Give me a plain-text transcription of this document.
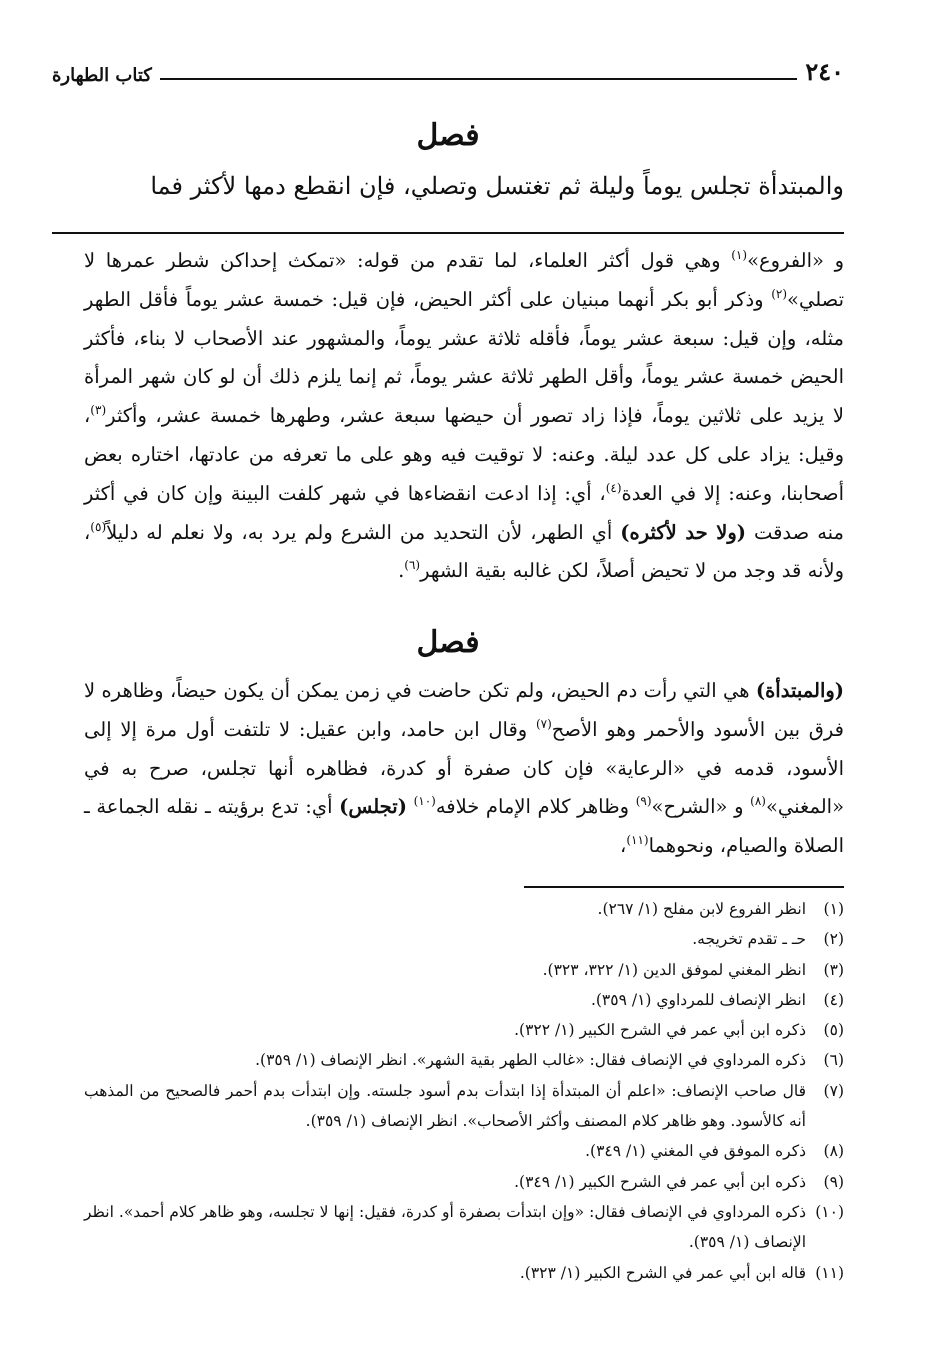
٢٤٠
كتاب الطهارة
فصل
والمبتدأة تجلس يوماً وليلة ثم تغتسل وتصلي، فإن انقطع دمها لأكثر فما
و «الفروع»$^{(١)}$ وهي قول أكثر العلماء، لما تقدم من قوله: «تمكث إحداكن شطر عمرها لا تصلي»$^{(٢)}$ وذكر أبو بكر أنهما مبنيان على أكثر الحيض، فإن قيل: خمسة عشر يوماً فأقل الطهر مثله، وإن قيل: سبعة عشر يوماً، فأقله ثلاثة عشر يوماً، والمشهور عند الأصحاب لا بناء، فأكثر الحيض خمسة عشر يوماً، وأقل الطهر ثلاثة عشر يوماً، ثم إنما يلزم ذلك أن لو كان شهر المرأة لا يزيد على ثلاثين يوماً، فإذا زاد تصور أن حيضها سبعة عشر، وطهرها خمسة عشر، وأكثر$^{(٣)}$، وقيل: يزاد على كل عدد ليلة. وعنه: لا توقيت فيه وهو على ما تعرفه من عادتها، اختاره بعض أصحابنا، وعنه: إلا في العدة$^{(٤)}$، أي: إذا ادعت انقضاءها في شهر كلفت البينة وإن كان في أكثر منه صدقت (ولا حد لأكثره) أي الطهر، لأن التحديد من الشرع ولم يرد به، ولا نعلم له دليلاً$^{(٥)}$، ولأنه قد وجد من لا تحيض أصلاً، لكن غالبه بقية الشهر$^{(٦)}$.
فصل
(والمبتدأة) هي التي رأت دم الحيض، ولم تكن حاضت في زمن يمكن أن يكون حيضاً، وظاهره لا فرق بين الأسود والأحمر وهو الأصح$^{(٧)}$ وقال ابن حامد، وابن عقيل: لا تلتفت أول مرة إلا إلى الأسود، قدمه في «الرعاية» فإن كان صفرة أو كدرة، فظاهره أنها تجلس، صرح به في «المغني»$^{(٨)}$ و «الشرح»$^{(٩)}$ وظاهر كلام الإمام خلافه$^{(١٠)}$ (تجلس) أي: تدع برؤيته ـ نقله الجماعة ـ الصلاة والصيام، ونحوهما$^{(١١)}$،
(١)
انظر الفروع لابن مفلح (١/ ٢٦٧).
(٢)
حـ ـ تقدم تخريجه.
(٣)
انظر المغني لموفق الدين (١/ ٣٢٢، ٣٢٣).
(٤)
انظر الإنصاف للمرداوي (١/ ٣٥٩).
(٥)
ذكره ابن أبي عمر في الشرح الكبير (١/ ٣٢٢).
(٦)
ذكره المرداوي في الإنصاف فقال: «غالب الطهر بقية الشهر». انظر الإنصاف (١/ ٣٥٩).
(٧)
قال صاحب الإنصاف: «اعلم أن المبتدأة إذا ابتدأت بدم أسود جلسته. وإن ابتدأت بدم أحمر فالصحيح من المذهب أنه كالأسود. وهو ظاهر كلام المصنف وأكثر الأصحاب». انظر الإنصاف (١/ ٣٥٩).
(٨)
ذكره الموفق في المغني (١/ ٣٤٩).
(٩)
ذكره ابن أبي عمر في الشرح الكبير (١/ ٣٤٩).
(١٠)
ذكره المرداوي في الإنصاف فقال: «وإن ابتدأت بصفرة أو كدرة، فقيل: إنها لا تجلسه، وهو ظاهر كلام أحمد». انظر الإنصاف (١/ ٣٥٩).
(١١)
قاله ابن أبي عمر في الشرح الكبير (١/ ٣٢٣).
